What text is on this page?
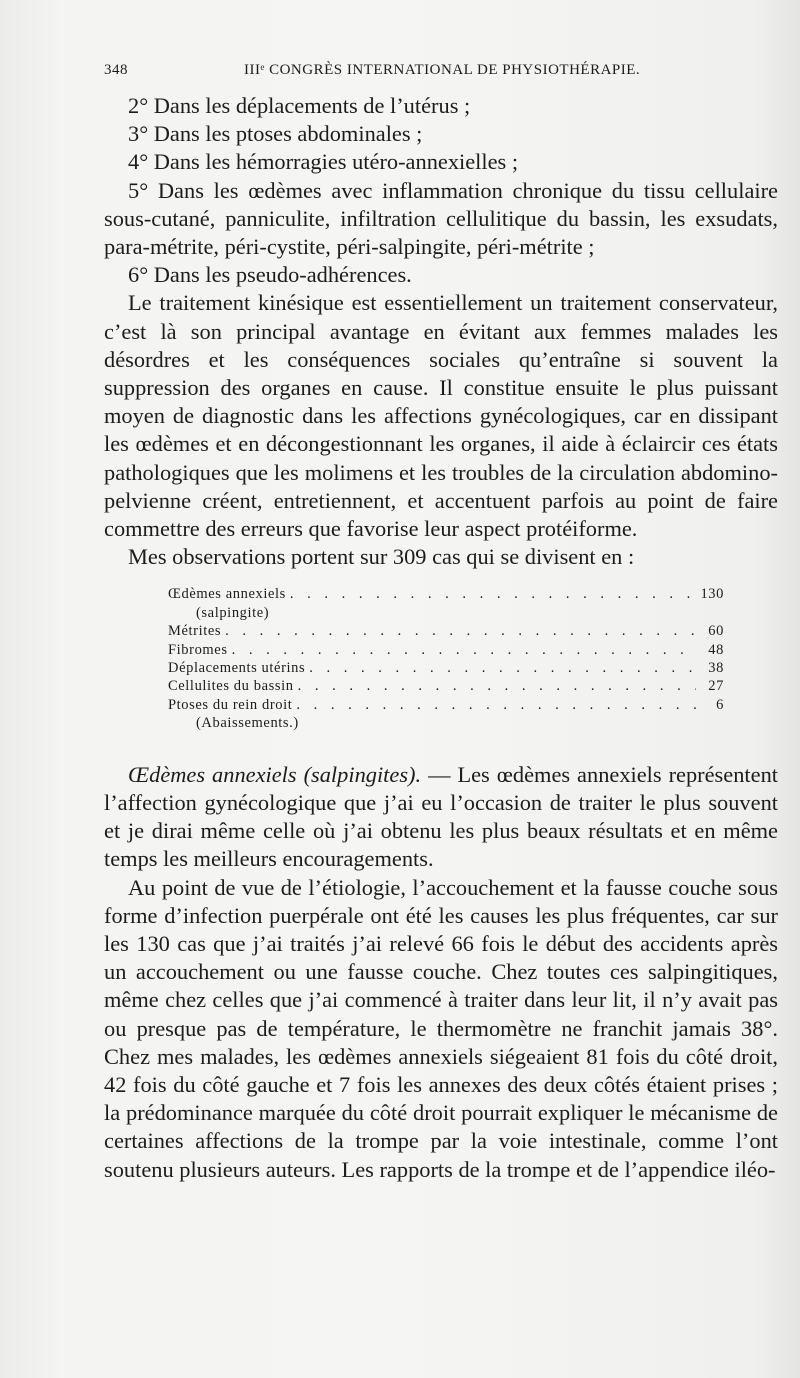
348	IIIᵉ CONGRÈS INTERNATIONAL DE PHYSIOTHÉRAPIE.

2° Dans les déplacements de l’utérus ;

3° Dans les ptoses abdominales ;

4° Dans les hémorragies utéro-annexielles ;

5° Dans les œdèmes avec inflammation chronique du tissu cellulaire sous-cutané, panniculite, infiltration cellulitique du bassin, les exsudats, para-métrite, péri-cystite, péri-salpingite, péri-métrite ;

6° Dans les pseudo-adhérences.

Le traitement kinésique est essentiellement un traitement conservateur, c’est là son principal avantage en évitant aux femmes malades les désordres et les conséquences sociales qu’entraîne si souvent la suppression des organes en cause. Il constitue ensuite le plus puissant moyen de diagnostic dans les affections gynécologiques, car en dissipant les œdèmes et en décongestionnant les organes, il aide à éclaircir ces états pathologiques que les molimens et les troubles de la circulation abdomino-pelvienne créent, entretiennent, et accentuent parfois au point de faire commettre des erreurs que favorise leur aspect protéiforme.

Mes observations portent sur 309 cas qui se divisent en :

Œdèmes annexiels . . .	130
(salpingite)
Métrites . . .	60
Fibromes . . .	48
Déplacements utérins . . .	38
Cellulites du bassin . . .	27
Ptoses du rein droit . . .	6
(Abaissements.)

Œdèmes annexiels (salpingites). — Les œdèmes annexiels représentent l’affection gynécologique que j’ai eu l’occasion de traiter le plus souvent et je dirai même celle où j’ai obtenu les plus beaux résultats et en même temps les meilleurs encouragements.

Au point de vue de l’étiologie, l’accouchement et la fausse couche sous forme d’infection puerpérale ont été les causes les plus fréquentes, car sur les 130 cas que j’ai traités j’ai relevé 66 fois le début des accidents après un accouchement ou une fausse couche. Chez toutes ces salpingitiques, même chez celles que j’ai commencé à traiter dans leur lit, il n’y avait pas ou presque pas de température, le thermomètre ne franchit jamais 38°. Chez mes malades, les œdèmes annexiels siégeaient 81 fois du côté droit, 42 fois du côté gauche et 7 fois les annexes des deux côtés étaient prises ; la prédominance marquée du côté droit pourrait expliquer le mécanisme de certaines affections de la trompe par la voie intestinale, comme l’ont soutenu plusieurs auteurs. Les rapports de la trompe et de l’appendice iléo-
